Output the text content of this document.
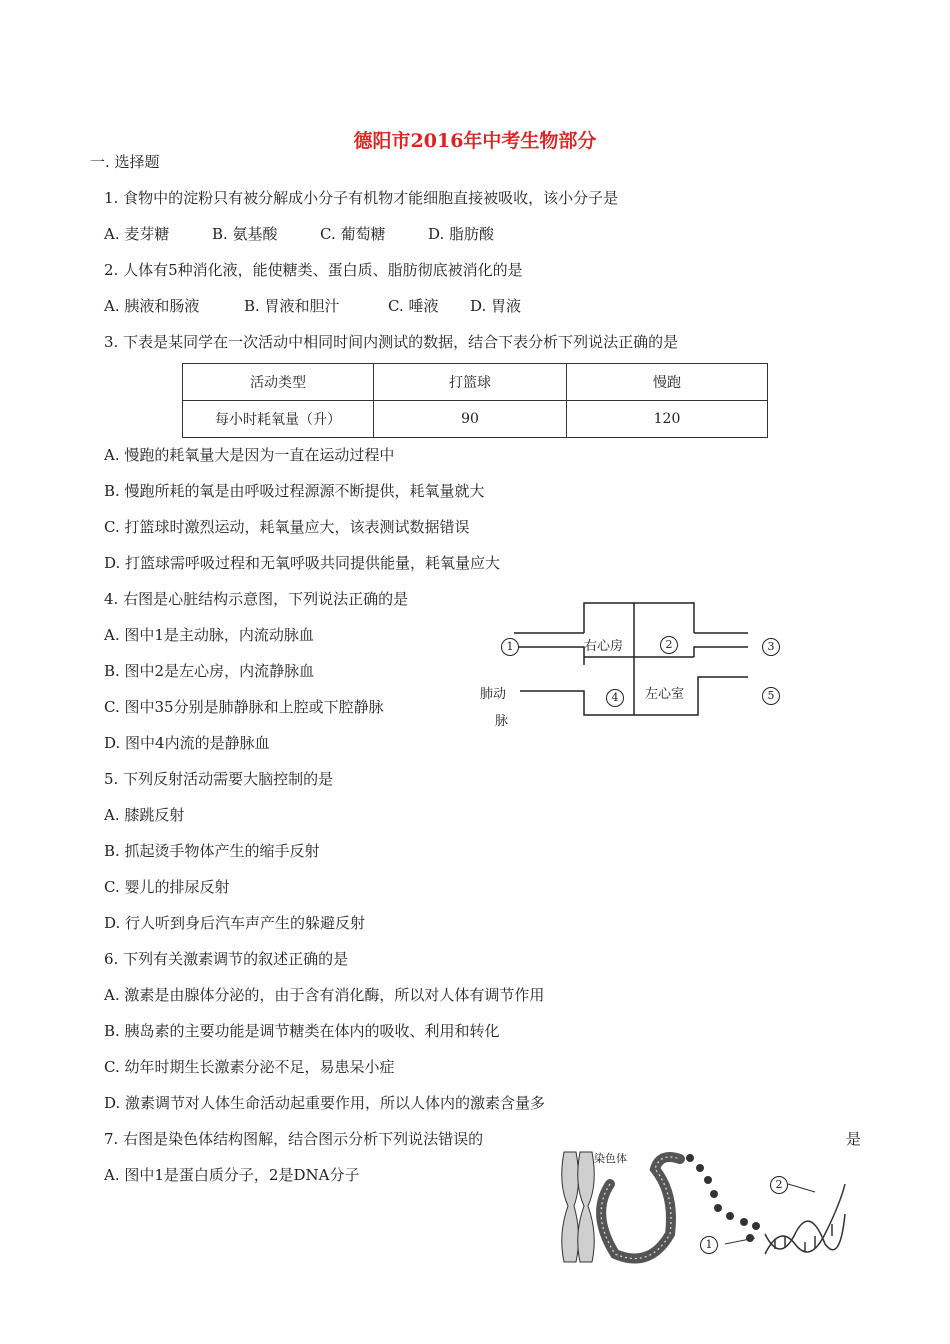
德阳市2016年中考生物部分
一. 选择题
1. 食物中的淀粉只有被分解成小分子有机物才能细胞直接被吸收，该小分子是
A. 麦芽糖	B. 氨基酸	C. 葡萄糖	D. 脂肪酸
2. 人体有5种消化液，能使糖类、蛋白质、脂肪彻底被消化的是
A. 胰液和肠液	B. 胃液和胆汁	C. 唾液 D. 胃液
3. 下表是某同学在一次活动中相同时间内测试的数据，结合下表分析下列说法正确的是
活动类型	打篮球	慢跑
每小时耗氧量（升）	90	120
A. 慢跑的耗氧量大是因为一直在运动过程中
B. 慢跑所耗的氧是由呼吸过程源源不断提供，耗氧量就大
C. 打篮球时激烈运动，耗氧量应大，该表测试数据错误
D. 打篮球需呼吸过程和无氧呼吸共同提供能量，耗氧量应大
4. 右图是心脏结构示意图，下列说法正确的是
A. 图中1是主动脉，内流动脉血
B. 图中2是左心房，内流静脉血
C. 图中35分别是肺静脉和上腔或下腔静脉
D. 图中4内流的是静脉血
右心房
左心室
肺动
脉
1	2	3
4	5
5. 下列反射活动需要大脑控制的是
A. 膝跳反射
B. 抓起烫手物体产生的缩手反射
C. 婴儿的排尿反射
D. 行人听到身后汽车声产生的躲避反射
6. 下列有关激素调节的叙述正确的是
A. 激素是由腺体分泌的，由于含有消化酶，所以对人体有调节作用
B. 胰岛素的主要功能是调节糖类在体内的吸收、利用和转化
C. 幼年时期生长激素分泌不足，易患呆小症
D. 激素调节对人体生命活动起重要作用，所以人体内的激素含量多
7. 右图是染色体结构图解，结合图示分析下列说法错误的	是
A. 图中1是蛋白质分子，2是DNA分子
染色体
2
1
